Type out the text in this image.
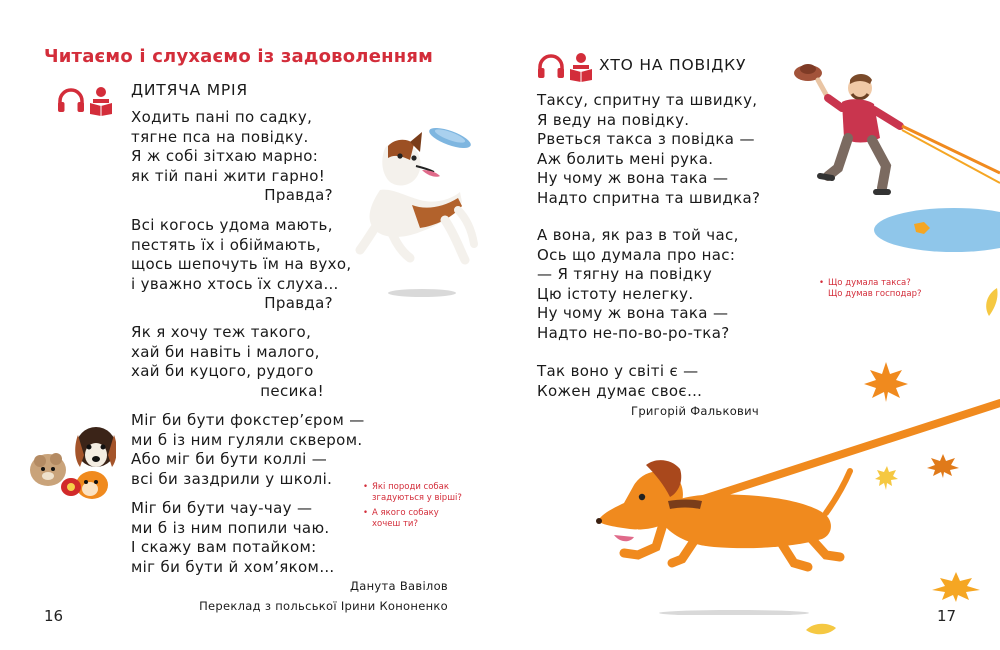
Читаємо і слухаємо із задоволенням
ДИТЯЧА МРІЯ
Ходить пані по садку,
тягне пса на повідку.
Я ж собі зітхаю марно:
як тій пані жити гарно!
Правда?
Всі когось удома мають,
пестять їх і обіймають,
щось шепочуть їм на вухо,
і уважно хтось їх слуха…
Правда?
Як я хочу теж такого,
хай би навіть і малого,
хай би куцого, рудого
песика!
Міг би бути фокстер’єром —
ми б із ним гуляли сквером.
Або міг би бути коллі —
всі би заздрили у школі.
Міг би бути чау-чау —
ми б із ним попили чаю.
І скажу вам потайком:
міг би бути й хом’яком…
Данута Вавілов
Переклад з польської Ірини Кононенко
• Які породи собак
згадуються у вірші?
• А якого собаку
хочеш ти?
16
ХТО НА ПОВІДКУ
Таксу, спритну та швидку,
Я веду на повідку.
Рветься такса з повідка —
Аж болить мені рука.
Ну чому ж вона така —
Надто спритна та швидка?
А вона, як раз в той час,
Ось що думала про нас:
— Я тягну на повідку
Цю істоту нелегку.
Ну чому ж вона така —
Надто не-по-во-ро-тка?
Так воно у світі є —
Кожен думає своє…
Григорій Фалькович
• Що думала такса?
Що думав господар?
17
